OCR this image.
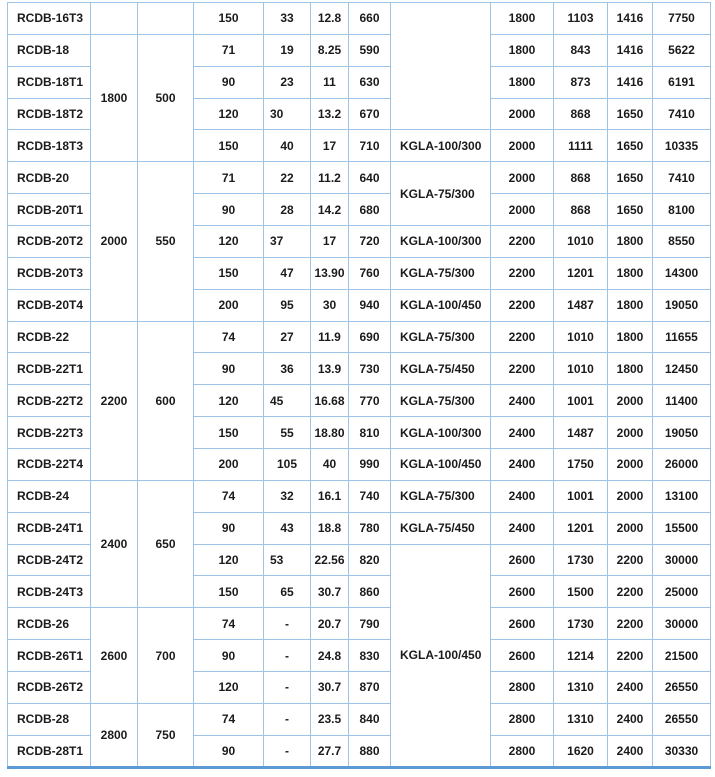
RCDB-16T3			150	33	12.8	660		1800	1103	1416	7750
RCDB-18	1800	500	71	19	8.25	590		1800	843	1416	5622
RCDB-18T1			90	23	11	630		1800	873	1416	6191
RCDB-18T2			120	30	13.2	670		2000	868	1650	7410
RCDB-18T3			150	40	17	710	KGLA-100/300	2000	1111	1650	10335
RCDB-20	2000	550	71	22	11.2	640	KGLA-75/300	2000	868	1650	7410
RCDB-20T1			90	28	14.2	680		2000	868	1650	8100
RCDB-20T2			120	37	17	720	KGLA-100/300	2200	1010	1800	8550
RCDB-20T3			150	47	13.90	760	KGLA-75/300	2200	1201	1800	14300
RCDB-20T4			200	95	30	940	KGLA-100/450	2200	1487	1800	19050
RCDB-22	2200	600	74	27	11.9	690	KGLA-75/300	2200	1010	1800	11655
RCDB-22T1			90	36	13.9	730	KGLA-75/450	2200	1010	1800	12450
RCDB-22T2			120	45	16.68	770	KGLA-75/300	2400	1001	2000	11400
RCDB-22T3			150	55	18.80	810	KGLA-100/300	2400	1487	2000	19050
RCDB-22T4			200	105	40	990	KGLA-100/450	2400	1750	2000	26000
RCDB-24	2400	650	74	32	16.1	740	KGLA-75/300	2400	1001	2000	13100
RCDB-24T1			90	43	18.8	780	KGLA-75/450	2400	1201	2000	15500
RCDB-24T2			120	53	22.56	820	KGLA-100/450	2600	1730	2200	30000
RCDB-24T3			150	65	30.7	860		2600	1500	2200	25000
RCDB-26	2600	700	74	-	20.7	790		2600	1730	2200	30000
RCDB-26T1			90	-	24.8	830		2600	1214	2200	21500
RCDB-26T2			120	-	30.7	870		2800	1310	2400	26550
RCDB-28	2800	750	74	-	23.5	840		2800	1310	2400	26550
RCDB-28T1			90	-	27.7	880		2800	1620	2400	30330
